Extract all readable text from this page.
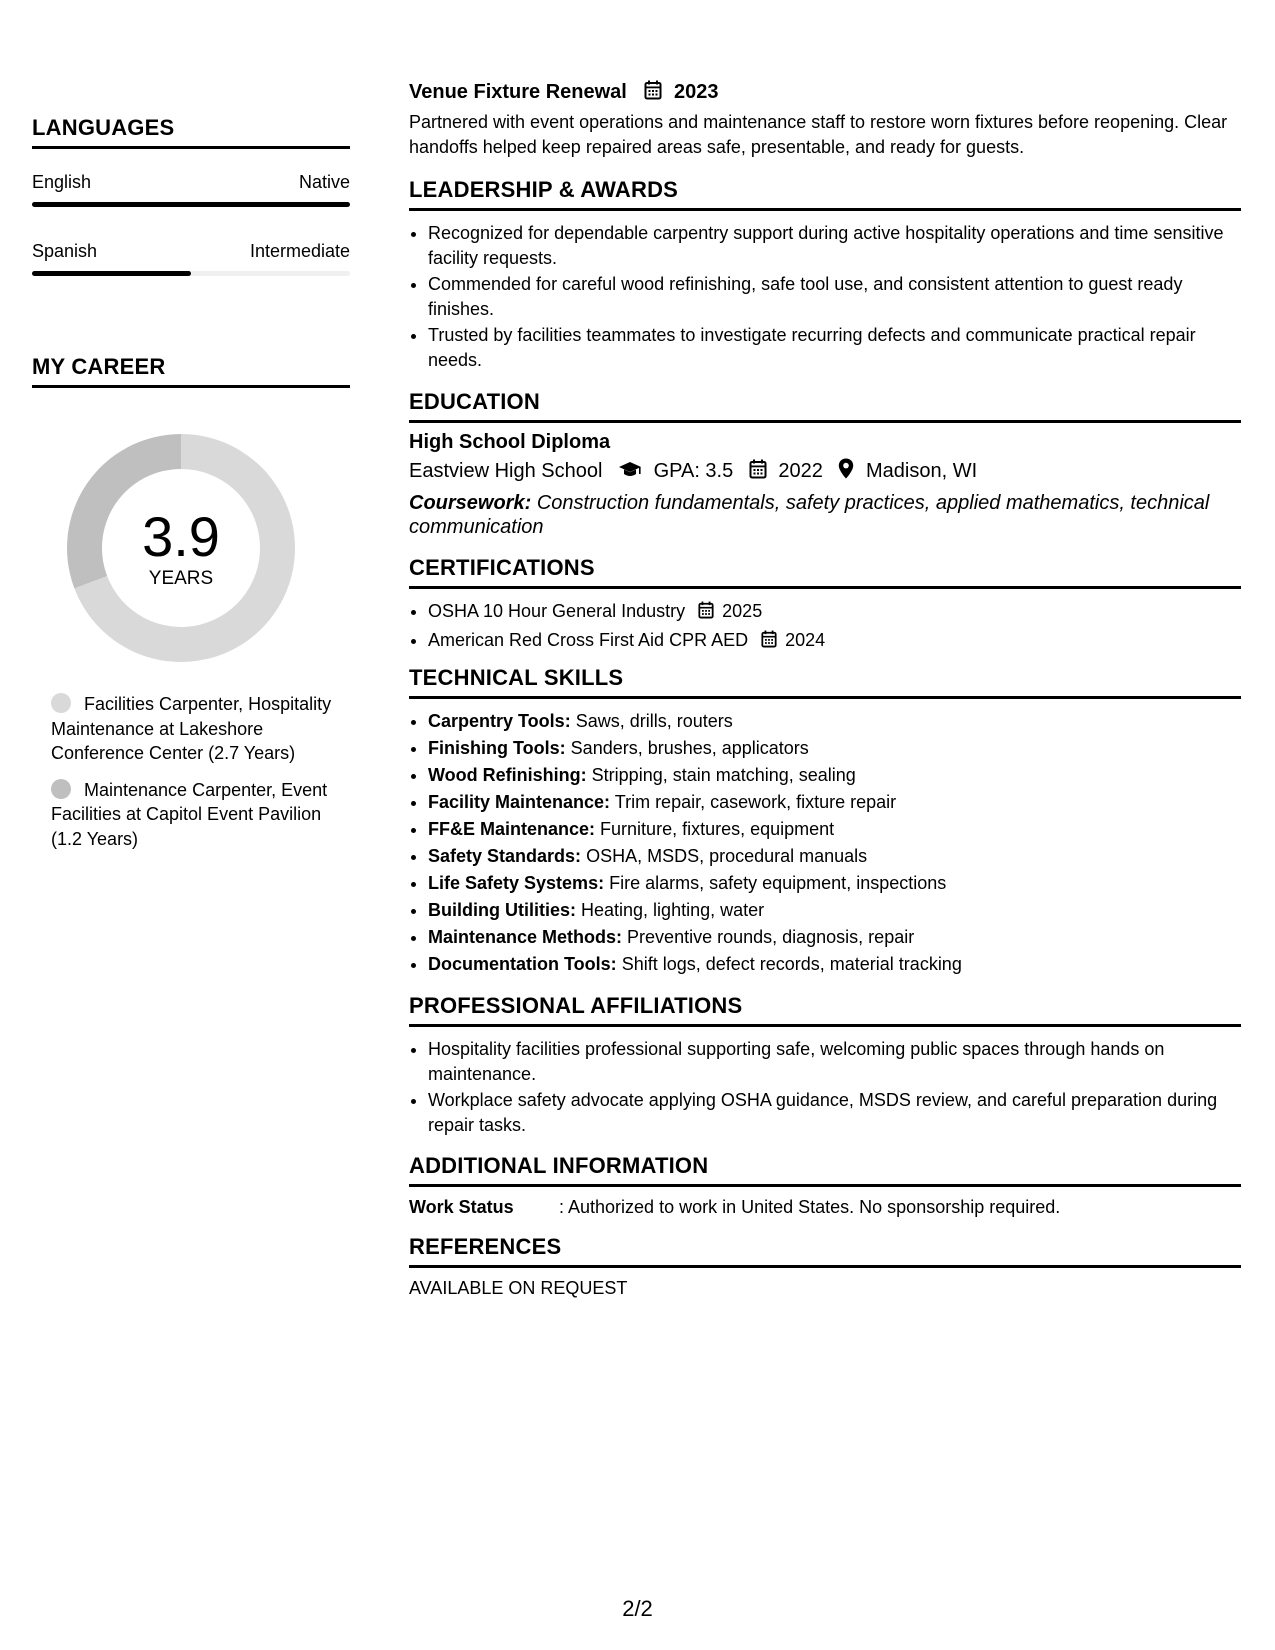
LANGUAGES
English	Native
Spanish	Intermediate
MY CAREER
3.9
YEARS
Facilities Carpenter, Hospitality Maintenance at Lakeshore Conference Center (2.7 Years)
Maintenance Carpenter, Event Facilities at Capitol Event Pavilion (1.2 Years)
Venue Fixture Renewal 2023
Partnered with event operations and maintenance staff to restore worn fixtures before reopening. Clear handoffs helped keep repaired areas safe, presentable, and ready for guests.
LEADERSHIP & AWARDS
• Recognized for dependable carpentry support during active hospitality operations and time sensitive facility requests.
• Commended for careful wood refinishing, safe tool use, and consistent attention to guest ready finishes.
• Trusted by facilities teammates to investigate recurring defects and communicate practical repair needs.
EDUCATION
High School Diploma
Eastview High School	GPA: 3.5 2022 Madison, WI
Coursework: Construction fundamentals, safety practices, applied mathematics, technical communication
CERTIFICATIONS
• OSHA 10 Hour General Industry 2025
• American Red Cross First Aid CPR AED 2024
TECHNICAL SKILLS
• Carpentry Tools: Saws, drills, routers
• Finishing Tools: Sanders, brushes, applicators
• Wood Refinishing: Stripping, stain matching, sealing
• Facility Maintenance: Trim repair, casework, fixture repair
• FF&E Maintenance: Furniture, fixtures, equipment
• Safety Standards: OSHA, MSDS, procedural manuals
• Life Safety Systems: Fire alarms, safety equipment, inspections
• Building Utilities: Heating, lighting, water
• Maintenance Methods: Preventive rounds, diagnosis, repair
• Documentation Tools: Shift logs, defect records, material tracking
PROFESSIONAL AFFILIATIONS
• Hospitality facilities professional supporting safe, welcoming public spaces through hands on maintenance.
• Workplace safety advocate applying OSHA guidance, MSDS review, and careful preparation during repair tasks.
ADDITIONAL INFORMATION
Work Status	: Authorized to work in United States. No sponsorship required.
REFERENCES
AVAILABLE ON REQUEST
2/2
